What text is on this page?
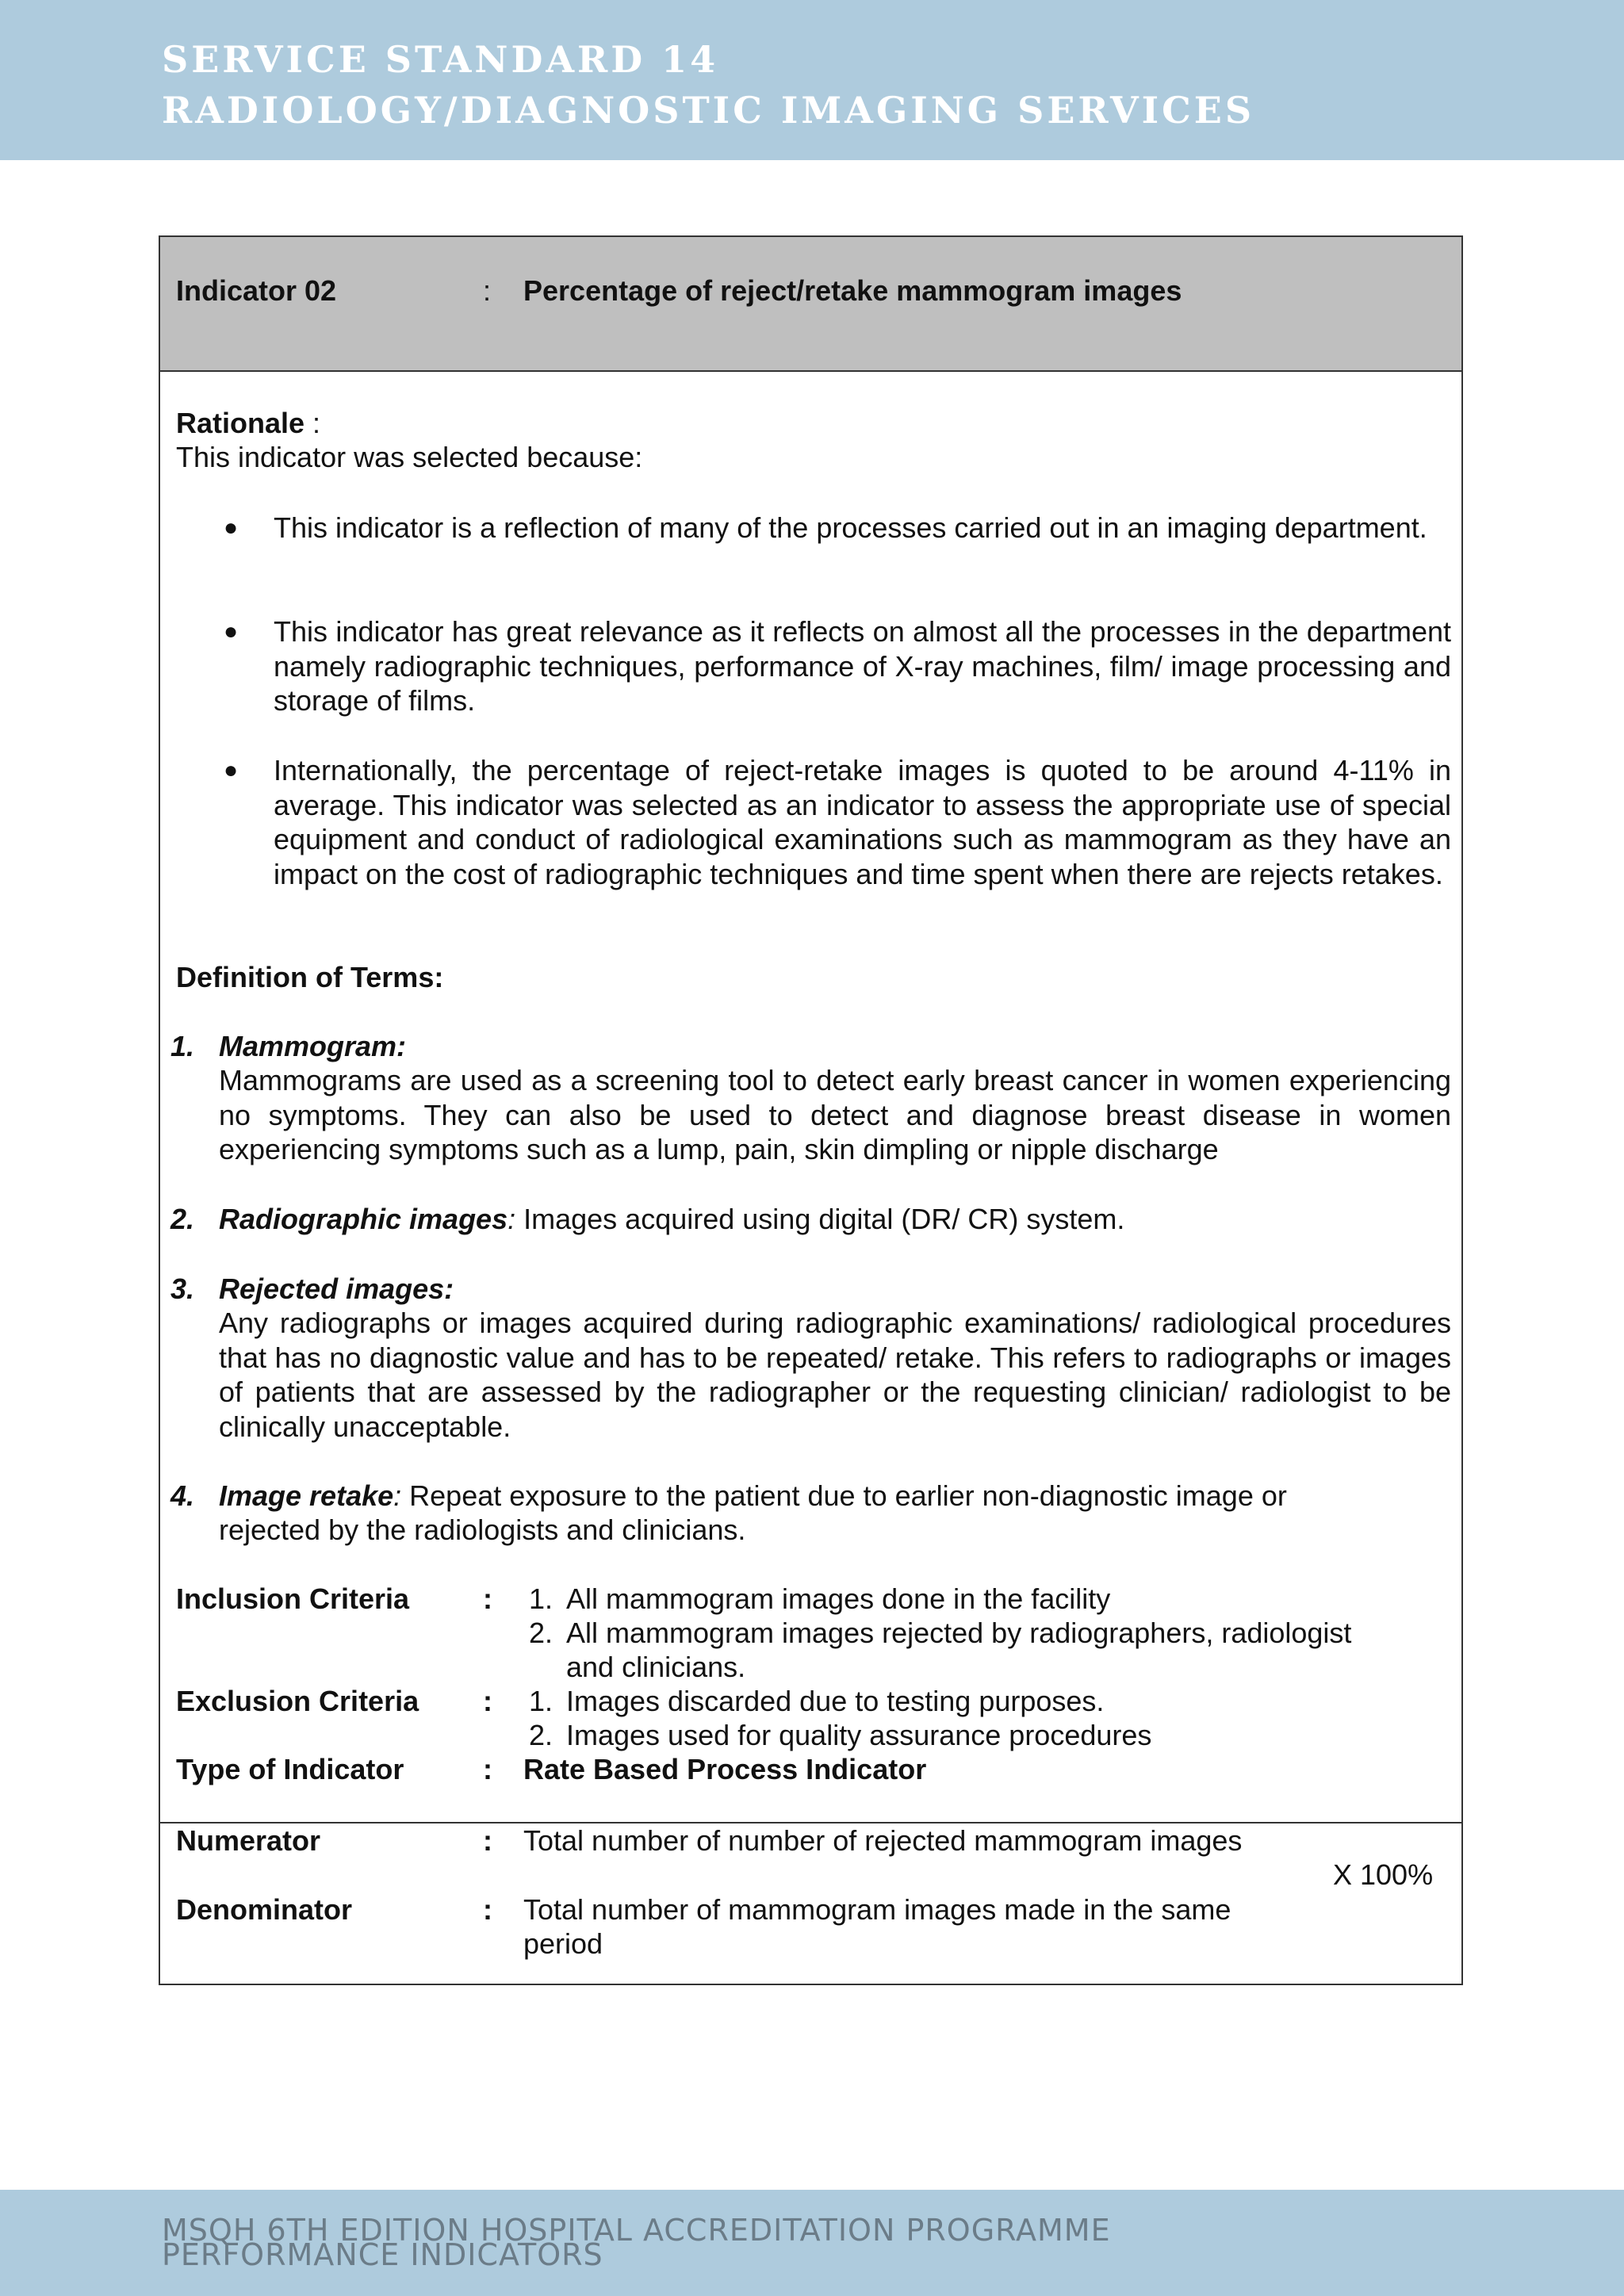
SERVICE STANDARD 14
RADIOLOGY/DIAGNOSTIC IMAGING SERVICES
Indicator 02	: Percentage of reject/retake mammogram images
Rationale :
This indicator was selected because:
● This indicator is a reflection of many of the processes carried out in an imaging department.
● This indicator has great relevance as it reflects on almost all the processes in the department namely radiographic techniques, performance of X-ray machines, film/ image processing and storage of films.
● Internationally, the percentage of reject-retake images is quoted to be around 4-11% in average. This indicator was selected as an indicator to assess the appropriate use of special equipment and conduct of radiological examinations such as mammogram as they have an impact on the cost of radiographic techniques and time spent when there are rejects retakes.
Definition of Terms:
1. Mammogram:
Mammograms are used as a screening tool to detect early breast cancer in women experiencing no symptoms. They can also be used to detect and diagnose breast disease in women experiencing symptoms such as a lump, pain, skin dimpling or nipple discharge
2. Radiographic images: Images acquired using digital (DR/ CR) system.
3. Rejected images:
Any radiographs or images acquired during radiographic examinations/ radiological procedures that has no diagnostic value and has to be repeated/ retake. This refers to radiographs or images of patients that are assessed by the radiographer or the requesting clinician/ radiologist to be clinically unacceptable.
4. Image retake: Repeat exposure to the patient due to earlier non-diagnostic image or
rejected by the radiologists and clinicians.
Inclusion Criteria	: 1. All mammogram images done in the facility
2. All mammogram images rejected by radiographers, radiologist
and clinicians.
Exclusion Criteria : 1. Images discarded due to testing purposes.
2. Images used for quality assurance procedures
Type of Indicator	: Rate Based Process Indicator
Numerator	: Total number of number of rejected mammogram images
X 100%
Denominator	: Total number of mammogram images made in the same
period
MSQH 6TH EDITION HOSPITAL ACCREDITATION PROGRAMME
PERFORMANCE INDICATORS
